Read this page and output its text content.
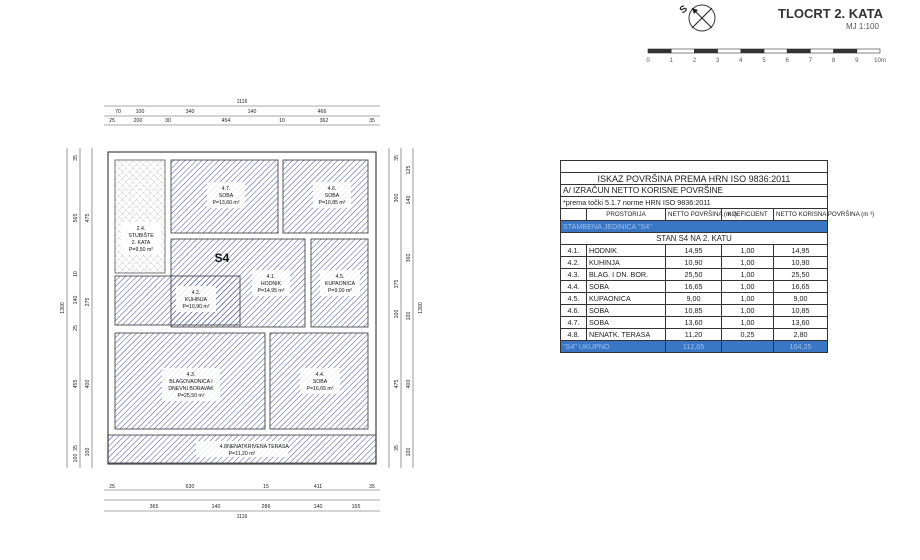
TLOCRT 2. KATA
MJ 1:100
S
0	1	2	3	4	5	6	7	8	9	10m
4.7.
SOBA
P=13,60 m²
4.6.
SOBA
P=10,85 m²
2.4.
STUBIŠTE
2. KATA
P=9,50 m²
S4
4.1.
HODNIK
P=14,95 m²
4.5.
KUPAONICA
P=9,00 m²
4.2.
KUHINJA
P=10,90 m²
4.3.
BLAGOVAONICA I
DNEVNI BORAVAK
P=25,50 m²
4.4.
SOBA
P=16,65 m²
4.8.
NENATKRIVENA TERASA
P=11,20 m²
1116
70	100	340	140	466
25	200	30	454	10	362	35
25	630	15	411	35
365	140	286	140	165
1116
1300
35
565
10
25
455
35
100
475
275
400
100
140
1300
35
300
375
100
475
35
125
140
360
100
400
100

ISKAZ POVRŠINA PREMA HRN ISO 9836:2011				
A/ IZRAČUN NETTO KORISNE POVRŠINE				
*prema točki 5.1.7 norme HRN ISO 9836:2011				
	PROSTORIJA	NETTO POVRŠINA (m ²)	KOEFICIJENT	NETTO KORISNA POVRŠINA (m ²)
STAMBENA JEDINICA "S4"				
STAN S4 NA 2. KATU				
4.1.	HODNIK	14,95	1,00	14,95
4.2.	KUHINJA	10,90	1,00	10,90
4.3.	BLAG. I DN. BOR.	25,50	1,00	25,50
4.4.	SOBA	16,65	1,00	16,65
4.5.	KUPAONICA	9,00	1,00	9,00
4.6.	SOBA	10,85	1,00	10,85
4.7.	SOBA	13,60	1,00	13,60
4.8.	NENATK. TERASA	11,20	0,25	2,80
"S4" UKUPNO		112,65		104,25
